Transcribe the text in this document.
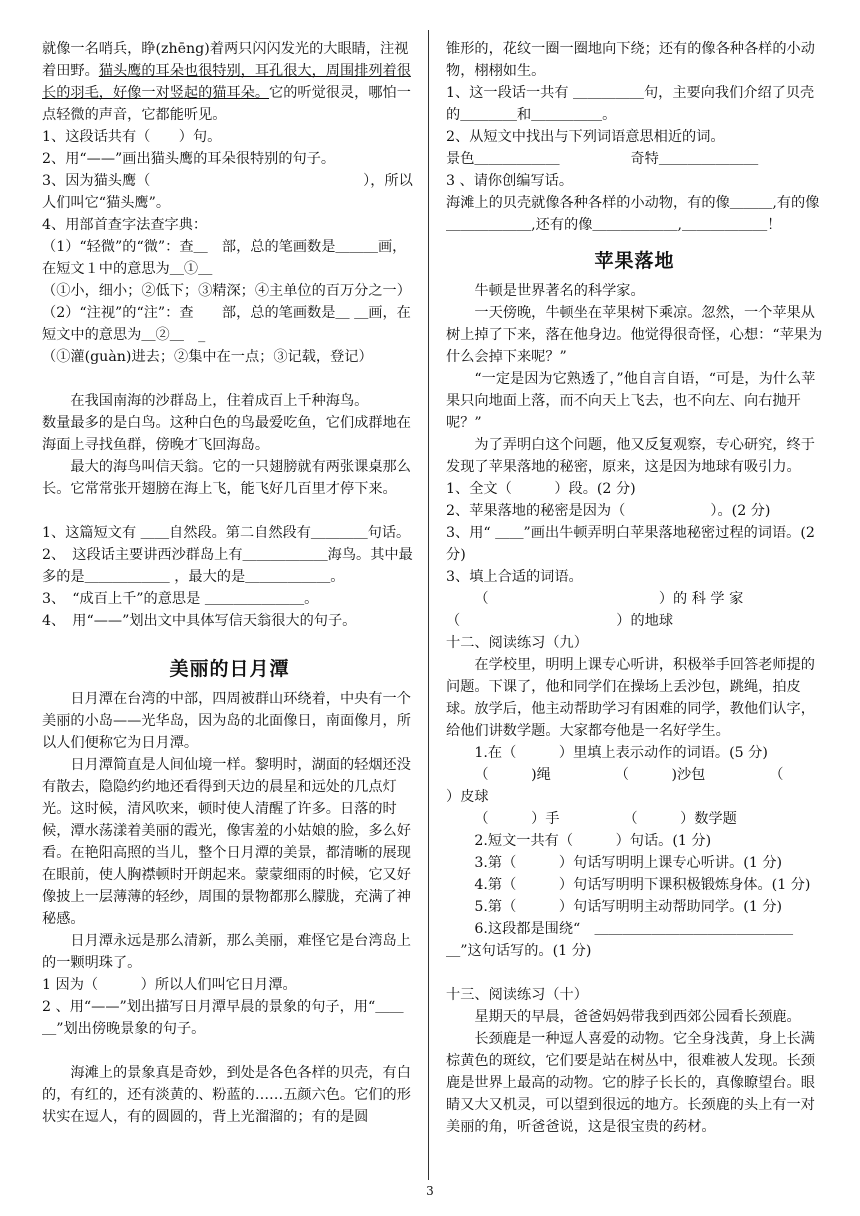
就像一名哨兵，睁(zhēng)着两只闪闪发光的大眼睛，注视着田野。猫头鹰的耳朵也很特别，耳孔很大，周围排列着很长的羽毛，好像一对竖起的猫耳朵。它的听觉很灵，哪怕一点轻微的声音，它都能听见。

1、这段话共有（　　）句。

2、用“——”画出猫头鹰的耳朵很特别的句子。

3、因为猫头鹰（　　　　　　　　　　　　　　　），所以人们叫它“猫头鹰”。

4、用部首查字法查字典：

（1）“轻微”的“微”：查＿　部，总的笔画数是＿＿＿画，在短文１中的意思为＿①＿

（①小，细小；②低下；③精深；④主单位的百万分之一）

（2）“注视”的“注”：查　　部，总的笔画数是＿ ＿画，在短文中的意思为＿②＿　_

（①灌(guàn)进去；②集中在一点；③记载，登记）

在我国南海的沙群岛上，住着成百上千种海鸟。

数量最多的是白鸟。这种白色的鸟最爱吃鱼，它们成群地在海面上寻找鱼群，傍晚才飞回海岛。

最大的海鸟叫信天翁。它的一只翅膀就有两张课桌那么长。它常常张开翅膀在海上飞，能飞好几百里才停下来。

1、这篇短文有 ＿＿自然段。第二自然段有＿＿＿＿句话。

2、　这段话主要讲西沙群岛上有＿＿＿＿＿＿海鸟。其中最多的是＿＿＿＿＿＿ ，最大的是＿＿＿＿＿＿。

3、　“成百上千”的意思是 ＿＿＿＿＿＿＿。

4、　用“——”划出文中具体写信天翁很大的句子。

美丽的日月潭

日月潭在台湾的中部，四周被群山环绕着，中央有一个美丽的小岛——光华岛，因为岛的北面像日，南面像月，所以人们便称它为日月潭。

日月潭简直是人间仙境一样。黎明时，湖面的轻烟还没有散去，隐隐约约地还看得到天边的晨星和远处的几点灯光。这时候，清风吹来，顿时使人清醒了许多。日落的时候，潭水荡漾着美丽的霞光，像害羞的小姑娘的脸，多么好看。在艳阳高照的当儿，整个日月潭的美景，都清晰的展现在眼前，使人胸襟顿时开朗起来。蒙蒙细雨的时候，它又好像披上一层薄薄的轻纱，周围的景物都那么朦胧，充满了神秘感。

日月潭永远是那么清新，那么美丽，难怪它是台湾岛上的一颗明珠了。

1 因为（　　　）所以人们叫它日月潭。

2 、用“——”划出描写日月潭早晨的景象的句子，用“＿＿＿”划出傍晚景象的句子。

海滩上的景象真是奇妙，到处是各色各样的贝壳，有白的，有红的，还有淡黄的、粉蓝的……五颜六色。它们的形状实在逗人，有的圆圆的，背上光溜溜的；有的是圆

锥形的，花纹一圈一圈地向下绕；还有的像各种各样的小动物，栩栩如生。

1、这一段话一共有 ＿＿＿＿＿句，主要向我们介绍了贝壳的＿＿＿＿和＿＿＿＿＿。

2、从短文中找出与下列词语意思相近的词。

景色＿＿＿＿＿＿　　　　　奇特＿＿＿＿＿＿＿

3 、请你创编写话。

海滩上的贝壳就像各种各样的小动物，有的像＿＿＿,有的像＿＿＿＿＿＿,还有的像＿＿＿＿＿＿,＿＿＿＿＿＿！

苹果落地

牛顿是世界著名的科学家。

一天傍晚，牛顿坐在苹果树下乘凉。忽然，一个苹果从树上掉了下来，落在他身边。他觉得很奇怪，心想：“苹果为什么会掉下来呢？”

“一定是因为它熟透了，”他自言自语，“可是，为什么苹果只向地面上落，而不向天上飞去，也不向左、向右抛开呢？”

为了弄明白这个问题，他又反复观察，专心研究，终于发现了苹果落地的秘密，原来，这是因为地球有吸引力。

1、全文（　　　）段。(2 分)

2、苹果落地的秘密是因为（　　　　　　）。(2 分)

3、用“ ＿＿”画出牛顿弄明白苹果落地秘密过程的词语。(2 分)

3、填上合适的词语。

（　　　　　　　　　　　　）的 科 学 家

（　　　　　　　　　　　）的地球

十二、阅读练习（九）

在学校里，明明上课专心听讲，积极举手回答老师提的问题。下课了，他和同学们在操场上丢沙包，跳绳，拍皮球。放学后，他主动帮助学习有困难的同学，教他们认字，给他们讲数学题。大家都夸他是一名好学生。

1.在（　　　）里填上表示动作的词语。(5 分)

（　　　)绳　　　　　（　　　)沙包　　　　　（　　　）皮球

（　　　）手　　　　　（　　　）数学题

2.短文一共有（　　　）句话。(1 分)

3.第（　　　）句话写明明上课专心听讲。(1 分)

4.第（　　　）句话写明明下课积极锻炼身体。(1 分)

5.第（　　　）句话写明明主动帮助同学。(1 分)

6.这段都是围绕“　＿＿＿＿＿＿＿＿＿＿＿＿＿＿＿”这句话写的。(1 分)

十三、阅读练习（十）

星期天的早晨，爸爸妈妈带我到西郊公园看长颈鹿。

长颈鹿是一种逗人喜爱的动物。它全身浅黄，身上长满棕黄色的斑纹，它们要是站在树丛中，很难被人发现。长颈鹿是世界上最高的动物。它的脖子长长的，真像瞭望台。眼睛又大又机灵，可以望到很远的地方。长颈鹿的头上有一对美丽的角，听爸爸说，这是很宝贵的药材。

3
